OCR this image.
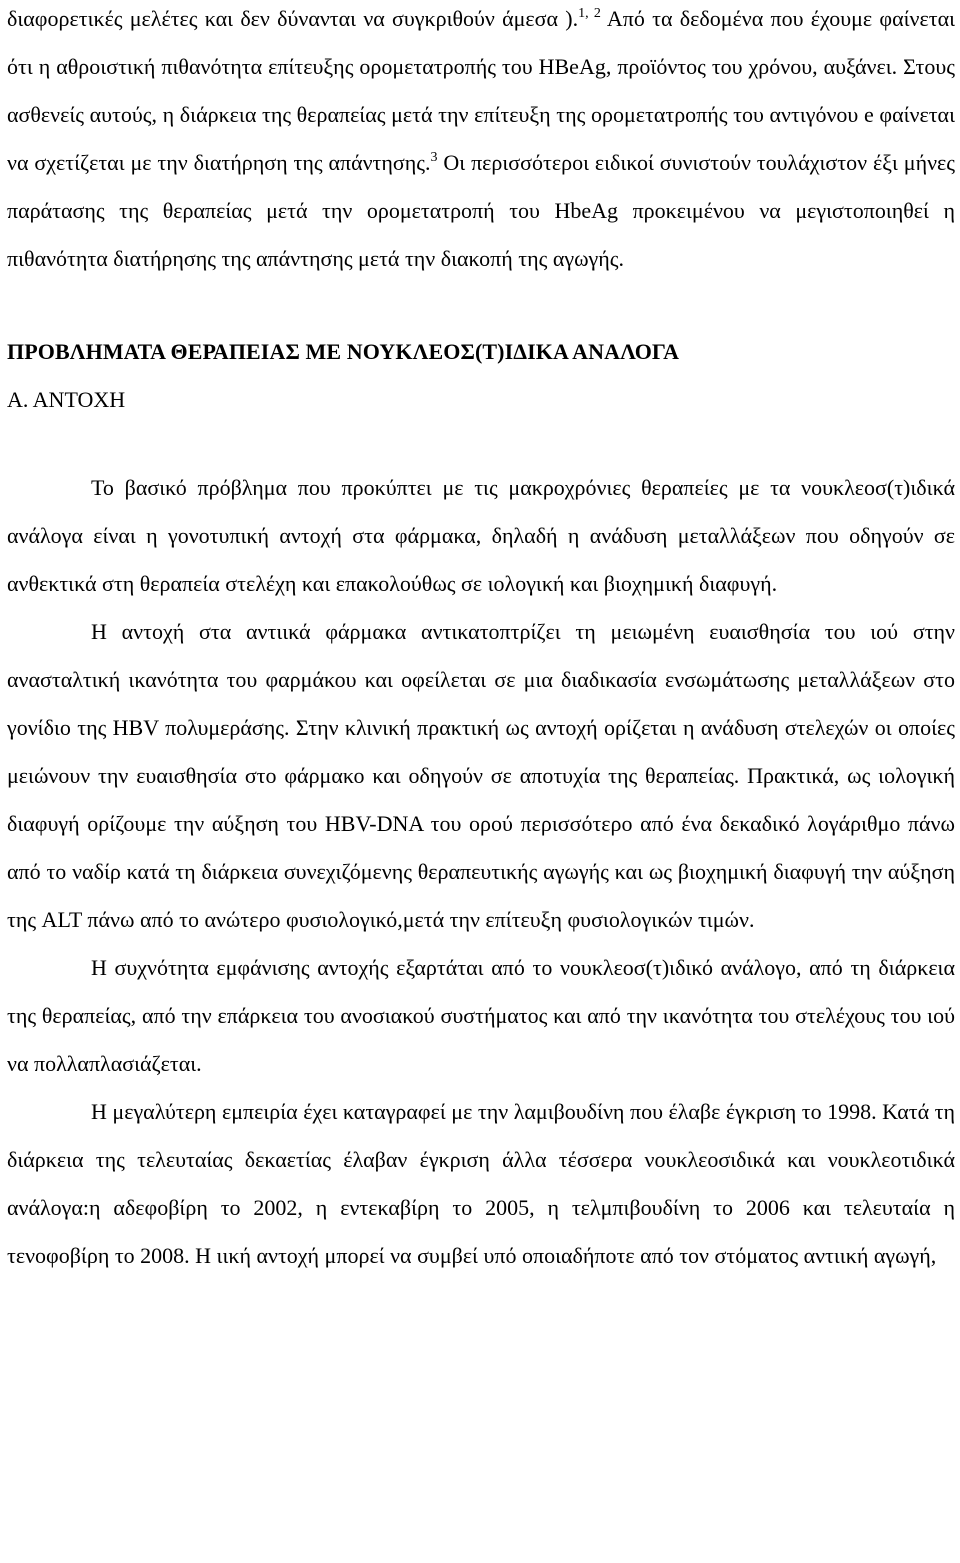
διαφορετικές μελέτες και δεν δύνανται να συγκριθούν άμεσα ).$^{1, 2}$ Από τα δεδομένα που έχουμε φαίνεται ότι η αθροιστική πιθανότητα επίτευξης ορομετατροπής του HBeAg, προϊόντος του χρόνου, αυξάνει. Στους ασθενείς αυτούς, η διάρκεια της θεραπείας μετά την επίτευξη της ορομετατροπής του αντιγόνου e φαίνεται να σχετίζεται με την διατήρηση της απάντησης.$^3$ Οι περισσότεροι ειδικοί συνιστούν τουλάχιστον έξι μήνες παράτασης της θεραπείας μετά την ορομετατροπή του HbeAg προκειμένου να μεγιστοποιηθεί η πιθανότητα διατήρησης της απάντησης μετά την διακοπή της αγωγής.

ΠΡΟΒΛΗΜΑΤΑ ΘΕΡΑΠΕΙΑΣ ΜΕ ΝΟΥΚΛΕΟΣ(Τ)ΙΔΙΚΑ ΑΝΑΛΟΓΑ
Α. ΑΝΤΟΧΗ

Το βασικό πρόβλημα που προκύπτει με τις μακροχρόνιες θεραπείες με τα νουκλεοσ(τ)ιδικά ανάλογα είναι η γονοτυπική αντοχή στα φάρμακα, δηλαδή η ανάδυση μεταλλάξεων που οδηγούν σε ανθεκτικά στη θεραπεία στελέχη και επακολούθως σε ιολογική και βιοχημική διαφυγή.

Η αντοχή στα αντιικά φάρμακα αντικατοπτρίζει τη μειωμένη ευαισθησία του ιού στην ανασταλτική ικανότητα του φαρμάκου και οφείλεται σε μια διαδικασία ενσωμάτωσης μεταλλάξεων στο γονίδιο της HBV πολυμεράσης. Στην κλινική πρακτική ως αντοχή ορίζεται η ανάδυση στελεχών οι οποίες μειώνουν την ευαισθησία στο φάρμακο και οδηγούν σε αποτυχία της θεραπείας. Πρακτικά, ως ιολογική διαφυγή ορίζουμε την αύξηση του HBV-DNA του ορού περισσότερο από ένα δεκαδικό λογάριθμο πάνω από το ναδίρ κατά τη διάρκεια συνεχιζόμενης θεραπευτικής αγωγής και ως βιοχημική διαφυγή την αύξηση της ALT πάνω από το ανώτερο φυσιολογικό,μετά την επίτευξη φυσιολογικών τιμών.

Η συχνότητα εμφάνισης αντοχής εξαρτάται από το νουκλεοσ(τ)ιδικό ανάλογο, από τη διάρκεια της θεραπείας, από την επάρκεια του ανοσιακού συστήματος και από την ικανότητα του στελέχους του ιού να πολλαπλασιάζεται.

Η μεγαλύτερη εμπειρία έχει καταγραφεί με την λαμιβουδίνη που έλαβε έγκριση το 1998. Κατά τη διάρκεια της τελευταίας δεκαετίας έλαβαν έγκριση άλλα τέσσερα νουκλεοσιδικά και νουκλεοτιδικά ανάλογα:η αδεφοβίρη το 2002, η εντεκαβίρη το 2005, η τελμπιβουδίνη το 2006 και τελευταία η τενοφοβίρη το 2008. Η ιική αντοχή μπορεί να συμβεί υπό οποιαδήποτε από τον στόματος αντιική αγωγή,
